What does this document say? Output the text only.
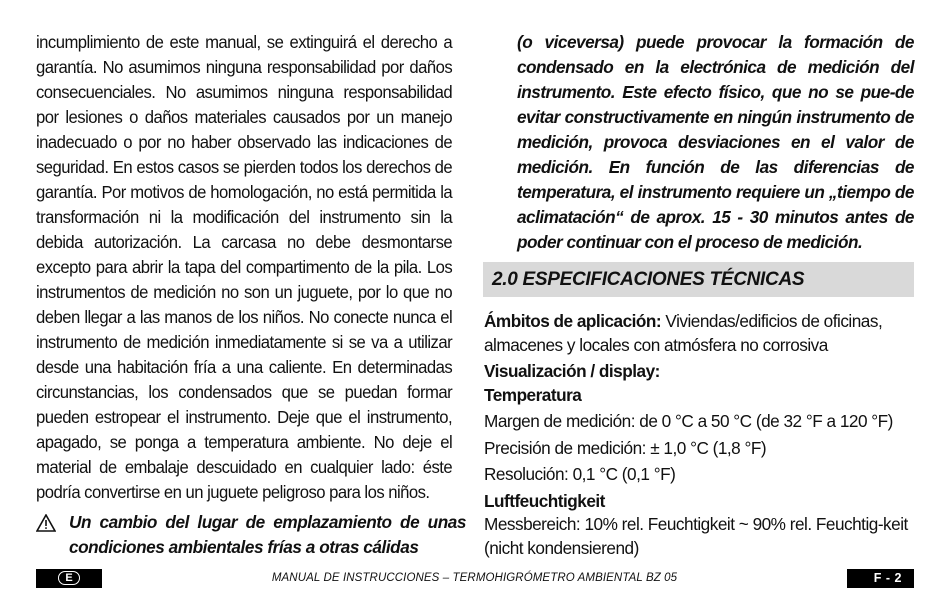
incumplimiento de este manual, se extinguirá el derecho a garantía. No asumimos ninguna responsabilidad por daños consecuenciales. No asumimos ninguna responsabilidad por lesiones o daños materiales causados por un manejo inadecuado o por no haber observado las indicaciones de seguridad. En estos casos se pierden todos los derechos de garantía. Por motivos de homologación, no está permitida la transformación ni la modificación del instrumento sin la debida autorización. La carcasa no debe desmontarse excepto para abrir la tapa del compartimento de la pila. Los instrumentos de medición no son un juguete, por lo que no deben llegar a las manos de los niños. No conecte nunca el instrumento de medición inmediatamente si se va a utilizar desde una habitación fría a una caliente. En determinadas circunstancias, los condensados que se puedan formar pueden estropear el instrumento. Deje que el instrumento, apagado, se ponga a temperatura ambiente. No deje el material de embalaje descuidado en cualquier lado: éste podría convertirse en un juguete peligroso para los niños.

Un cambio del lugar de emplazamiento de unas condiciones ambientales frías a otras cálidas
(o viceversa) puede provocar la formación de condensado en la electrónica de medición del instrumento. Este efecto físico, que no se pue-de evitar constructivamente en ningún instrumento de medición, provoca desviaciones en el valor de medición. En función de las diferencias de temperatura, el instrumento requiere un „tiempo de aclimatación“ de aprox. 15 - 30 minutos antes de poder continuar con el proceso de medición.
2.0 ESPECIFICACIONES TÉCNICAS
Ámbitos de aplicación: Viviendas/edificios de oficinas, almacenes y locales con atmósfera no corrosiva
Visualización / display:
Temperatura
Margen de medición: de 0 °C a 50 °C (de 32 °F a 120 °F)
Precisión de medición: ± 1,0 °C (1,8 °F)
Resolución: 0,1 °C (0,1 °F)
Luftfeuchtigkeit
Messbereich: 10% rel. Feuchtigkeit ~ 90% rel. Feuchtig-keit (nicht kondensierend)
E	MANUAL DE INSTRUCCIONES – TERMOHIGRÓMETRO AMBIENTAL BZ 05	F - 2
